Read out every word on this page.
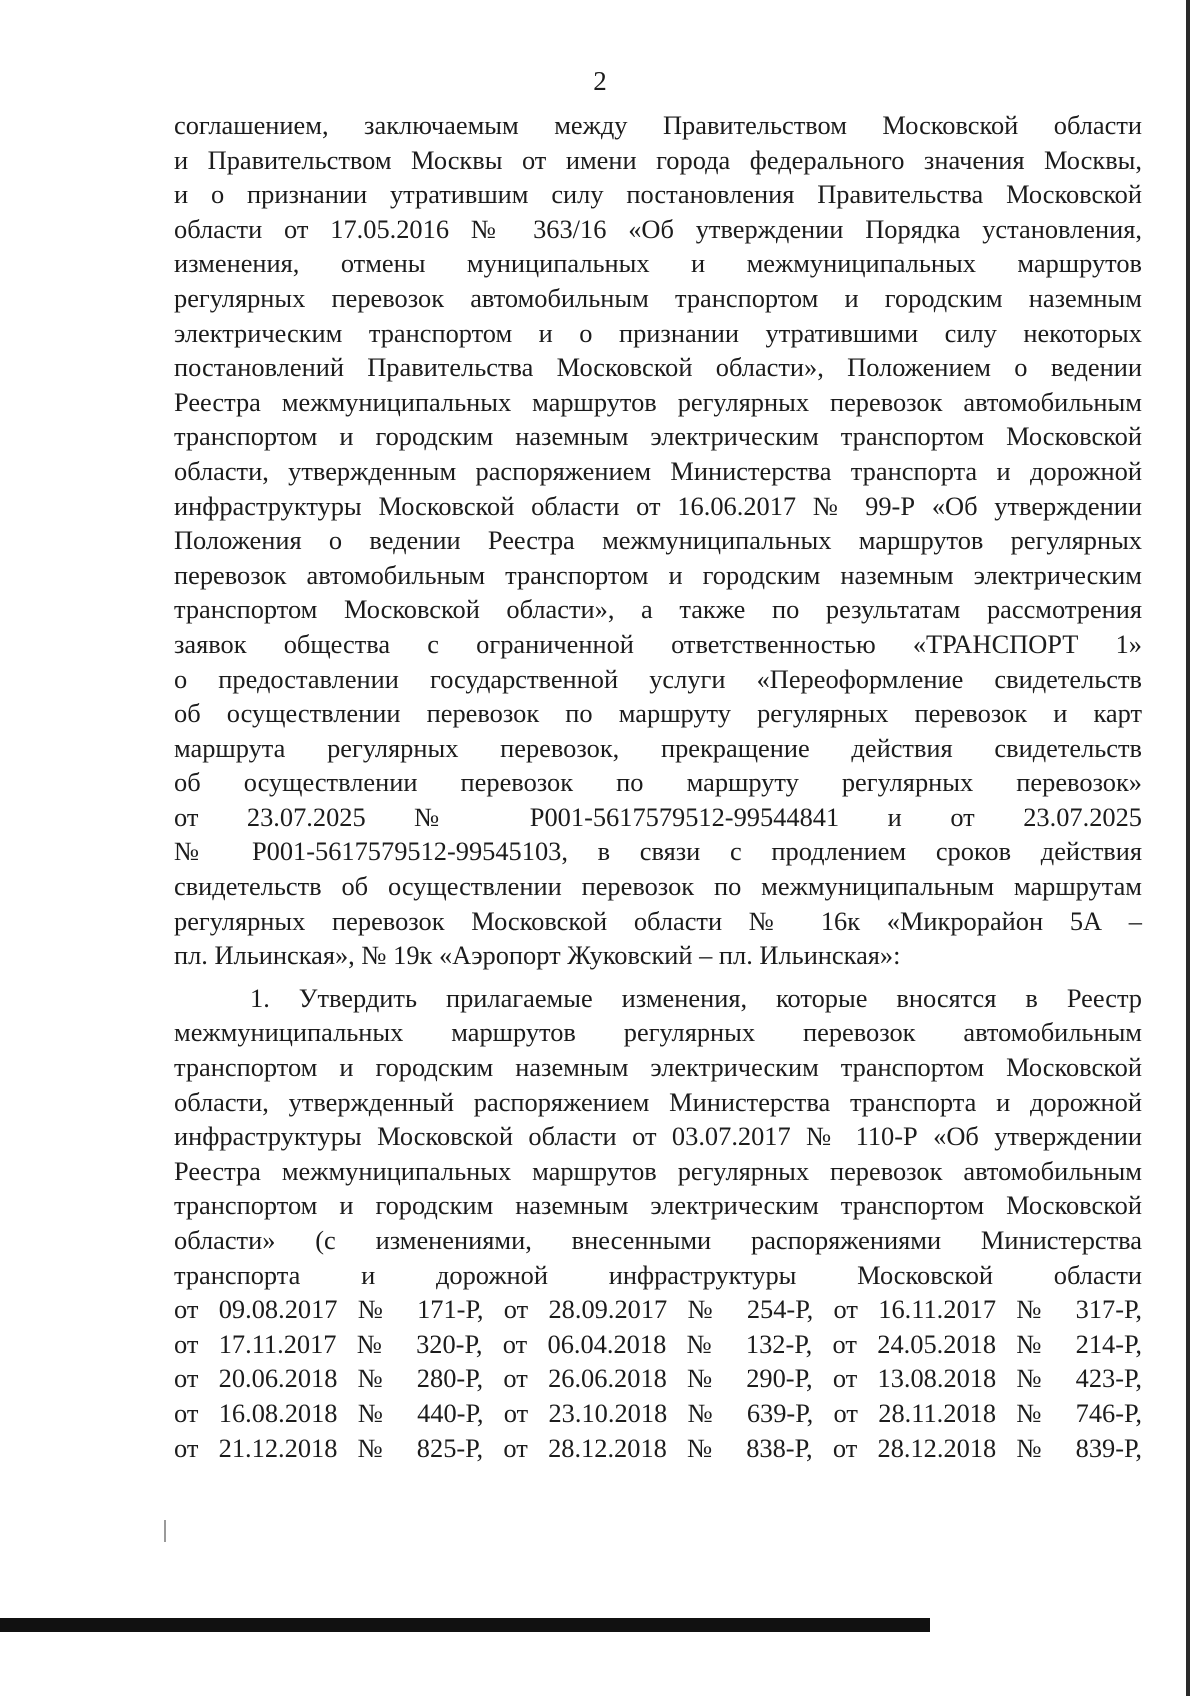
2
соглашением, заключаемым между Правительством Московской области
и Правительством Москвы от имени города федерального значения Москвы,
и о признании утратившим силу постановления Правительства Московской
области от 17.05.2016 № 363/16 «Об утверждении Порядка установления,
изменения, отмены муниципальных и межмуниципальных маршрутов
регулярных перевозок автомобильным транспортом и городским наземным
электрическим транспортом и о признании утратившими силу некоторых
постановлений Правительства Московской области», Положением о ведении
Реестра межмуниципальных маршрутов регулярных перевозок автомобильным
транспортом и городским наземным электрическим транспортом Московской
области, утвержденным распоряжением Министерства транспорта и дорожной
инфраструктуры Московской области от 16.06.2017 № 99-Р «Об утверждении
Положения о ведении Реестра межмуниципальных маршрутов регулярных
перевозок автомобильным транспортом и городским наземным электрическим
транспортом Московской области», а также по результатам рассмотрения
заявок общества с ограниченной ответственностью «ТРАНСПОРТ 1»
о предоставлении государственной услуги «Переоформление свидетельств
об осуществлении перевозок по маршруту регулярных перевозок и карт
маршрута регулярных перевозок, прекращение действия свидетельств
об осуществлении перевозок по маршруту регулярных перевозок»
от 23.07.2025 № Р001-5617579512-99544841 и от 23.07.2025
№ Р001-5617579512-99545103, в связи с продлением сроков действия
свидетельств об осуществлении перевозок по межмуниципальным маршрутам
регулярных перевозок Московской области № 16к «Микрорайон 5А –
пл. Ильинская», № 19к «Аэропорт Жуковский – пл. Ильинская»:
1. Утвердить прилагаемые изменения, которые вносятся в Реестр
межмуниципальных маршрутов регулярных перевозок автомобильным
транспортом и городским наземным электрическим транспортом Московской
области, утвержденный распоряжением Министерства транспорта и дорожной
инфраструктуры Московской области от 03.07.2017 № 110-Р «Об утверждении
Реестра межмуниципальных маршрутов регулярных перевозок автомобильным
транспортом и городским наземным электрическим транспортом Московской
области» (с изменениями, внесенными распоряжениями Министерства
транспорта и дорожной инфраструктуры Московской области
от 09.08.2017 № 171-Р, от 28.09.2017 № 254-Р, от 16.11.2017 № 317-Р,
от 17.11.2017 № 320-Р, от 06.04.2018 № 132-Р, от 24.05.2018 № 214-Р,
от 20.06.2018 № 280-Р, от 26.06.2018 № 290-Р, от 13.08.2018 № 423-Р,
от 16.08.2018 № 440-Р, от 23.10.2018 № 639-Р, от 28.11.2018 № 746-Р,
от 21.12.2018 № 825-Р, от 28.12.2018 № 838-Р, от 28.12.2018 № 839-Р,
